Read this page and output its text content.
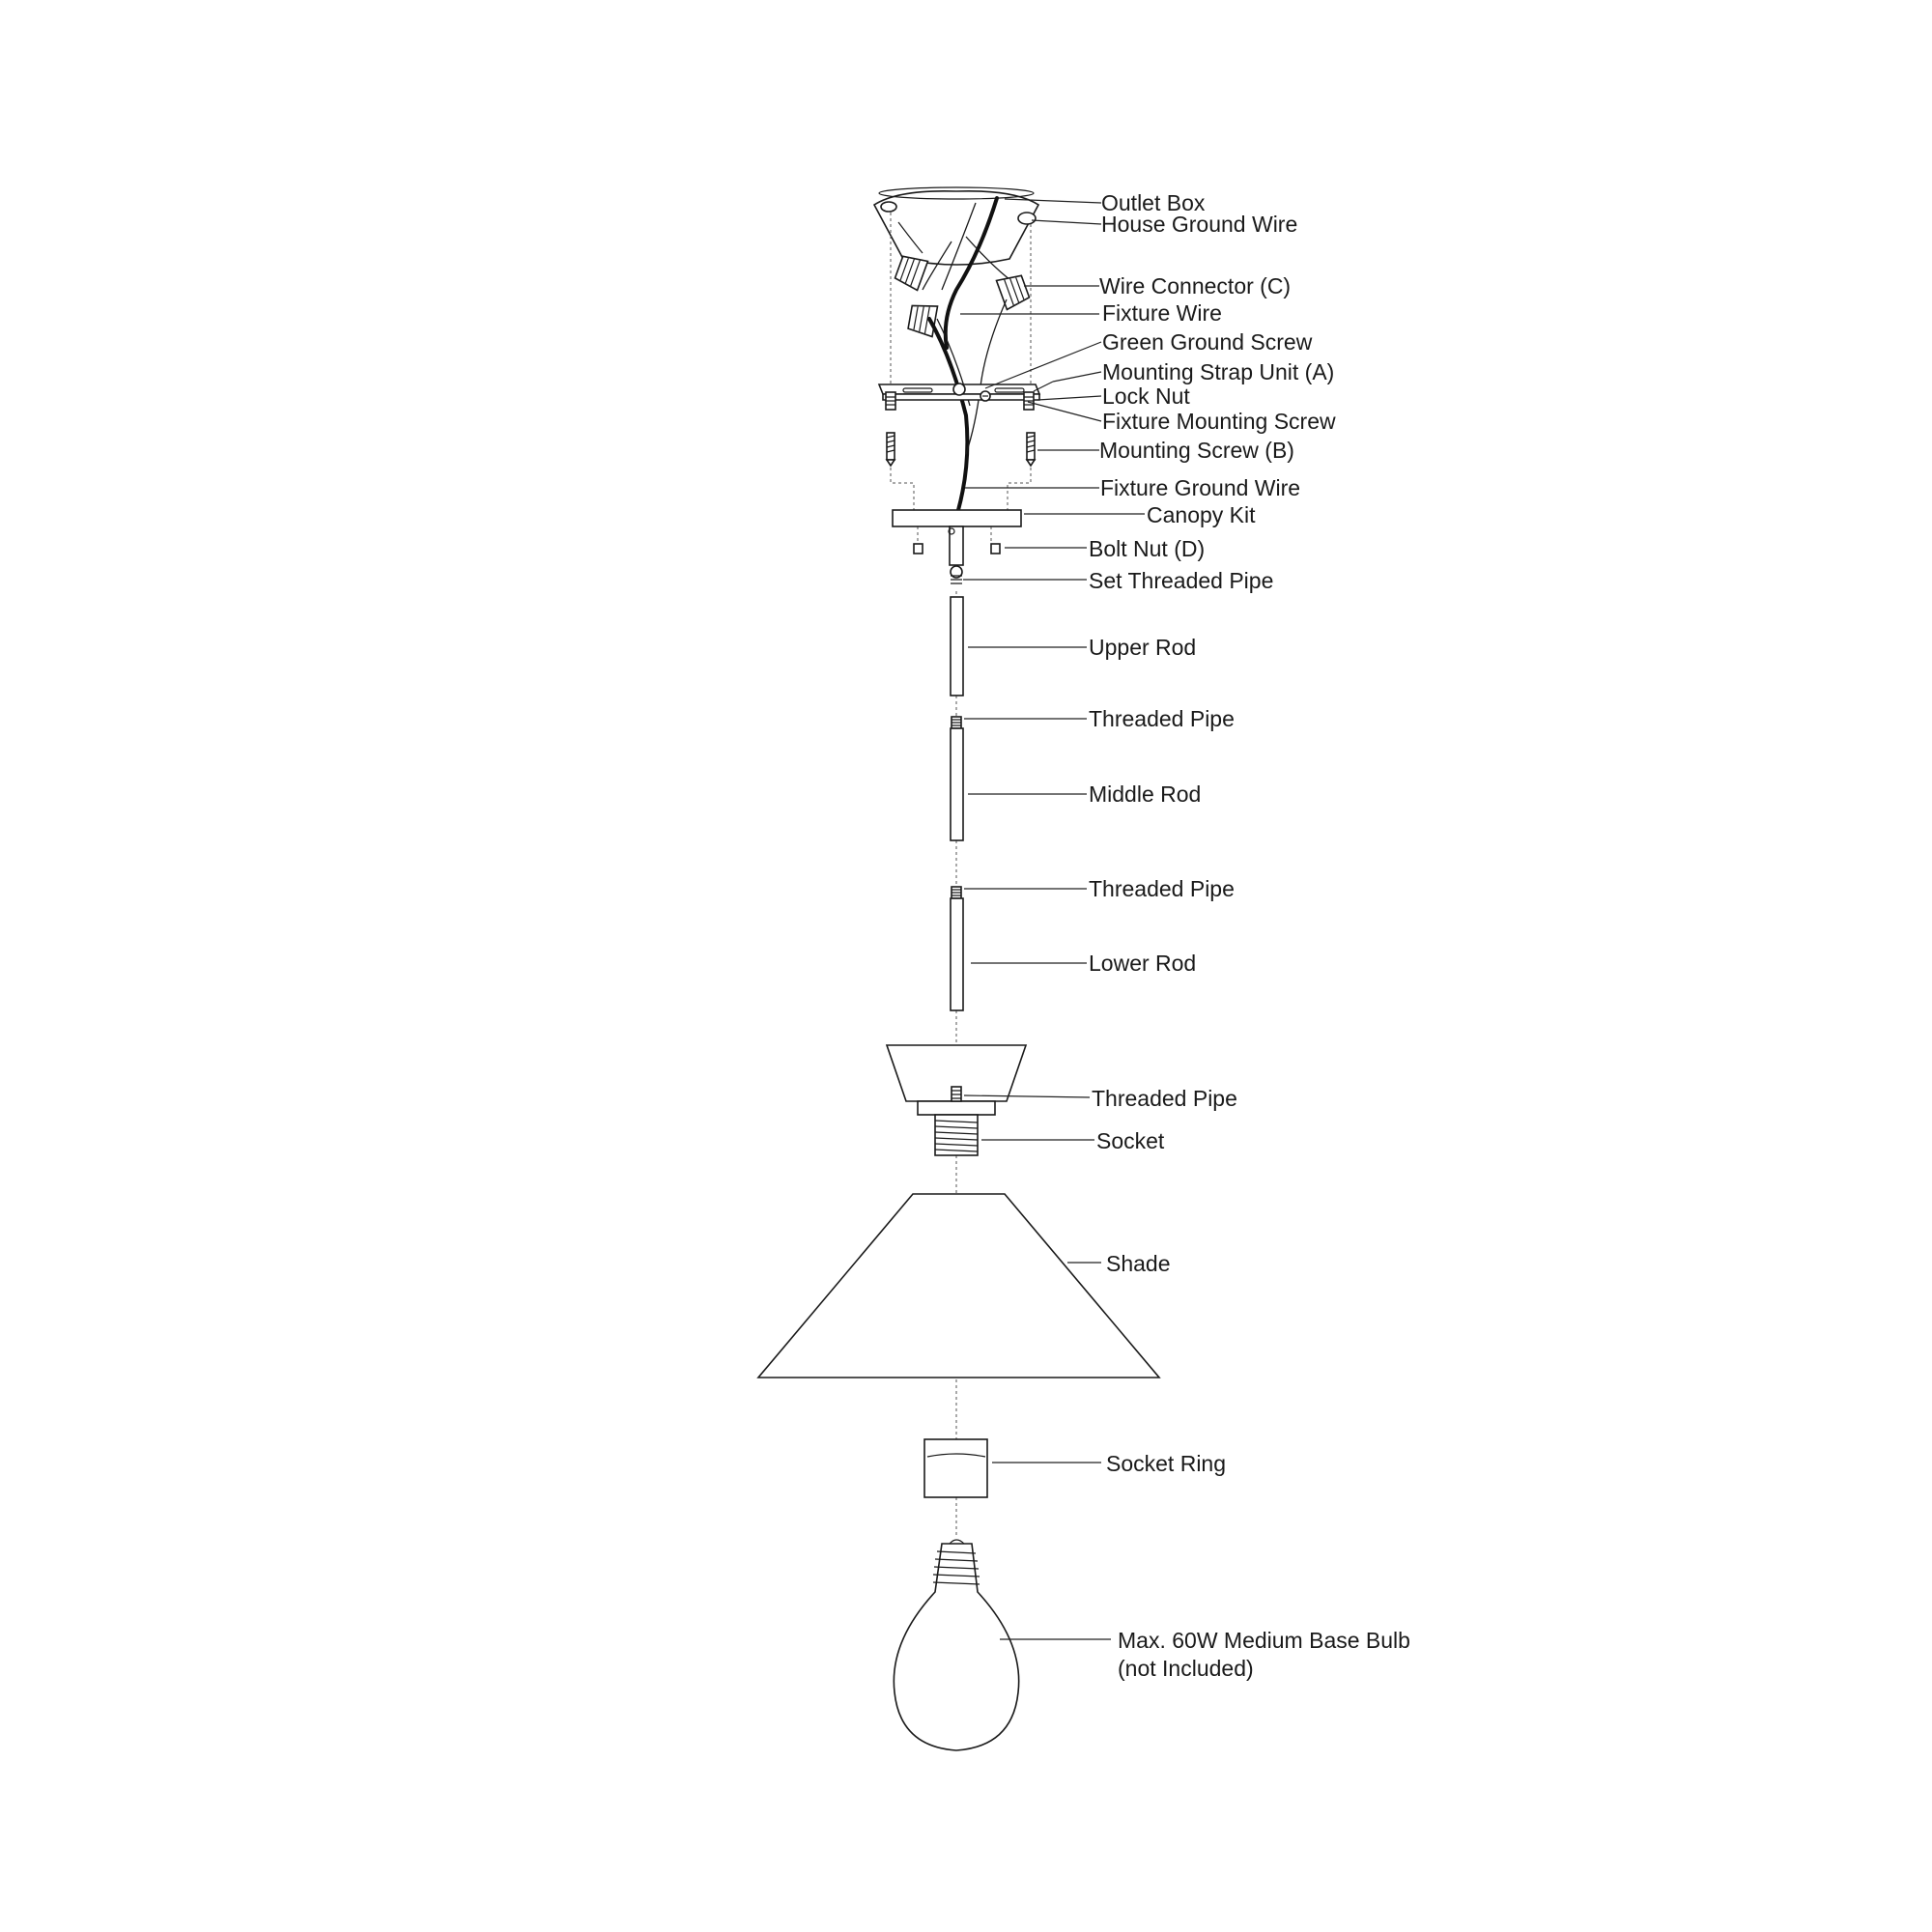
Outlet Box
House Ground Wire
Wire Connector (C)
Fixture Wire
Green Ground Screw
Mounting Strap Unit (A)
Lock Nut
Fixture Mounting Screw
Mounting Screw (B)
Fixture Ground Wire
Canopy Kit
Bolt Nut (D)
Set Threaded Pipe
Upper Rod
Threaded Pipe
Middle Rod
Threaded Pipe
Lower Rod
Threaded Pipe
Socket
Shade
Socket Ring
Max. 60W Medium Base Bulb
(not Included)
